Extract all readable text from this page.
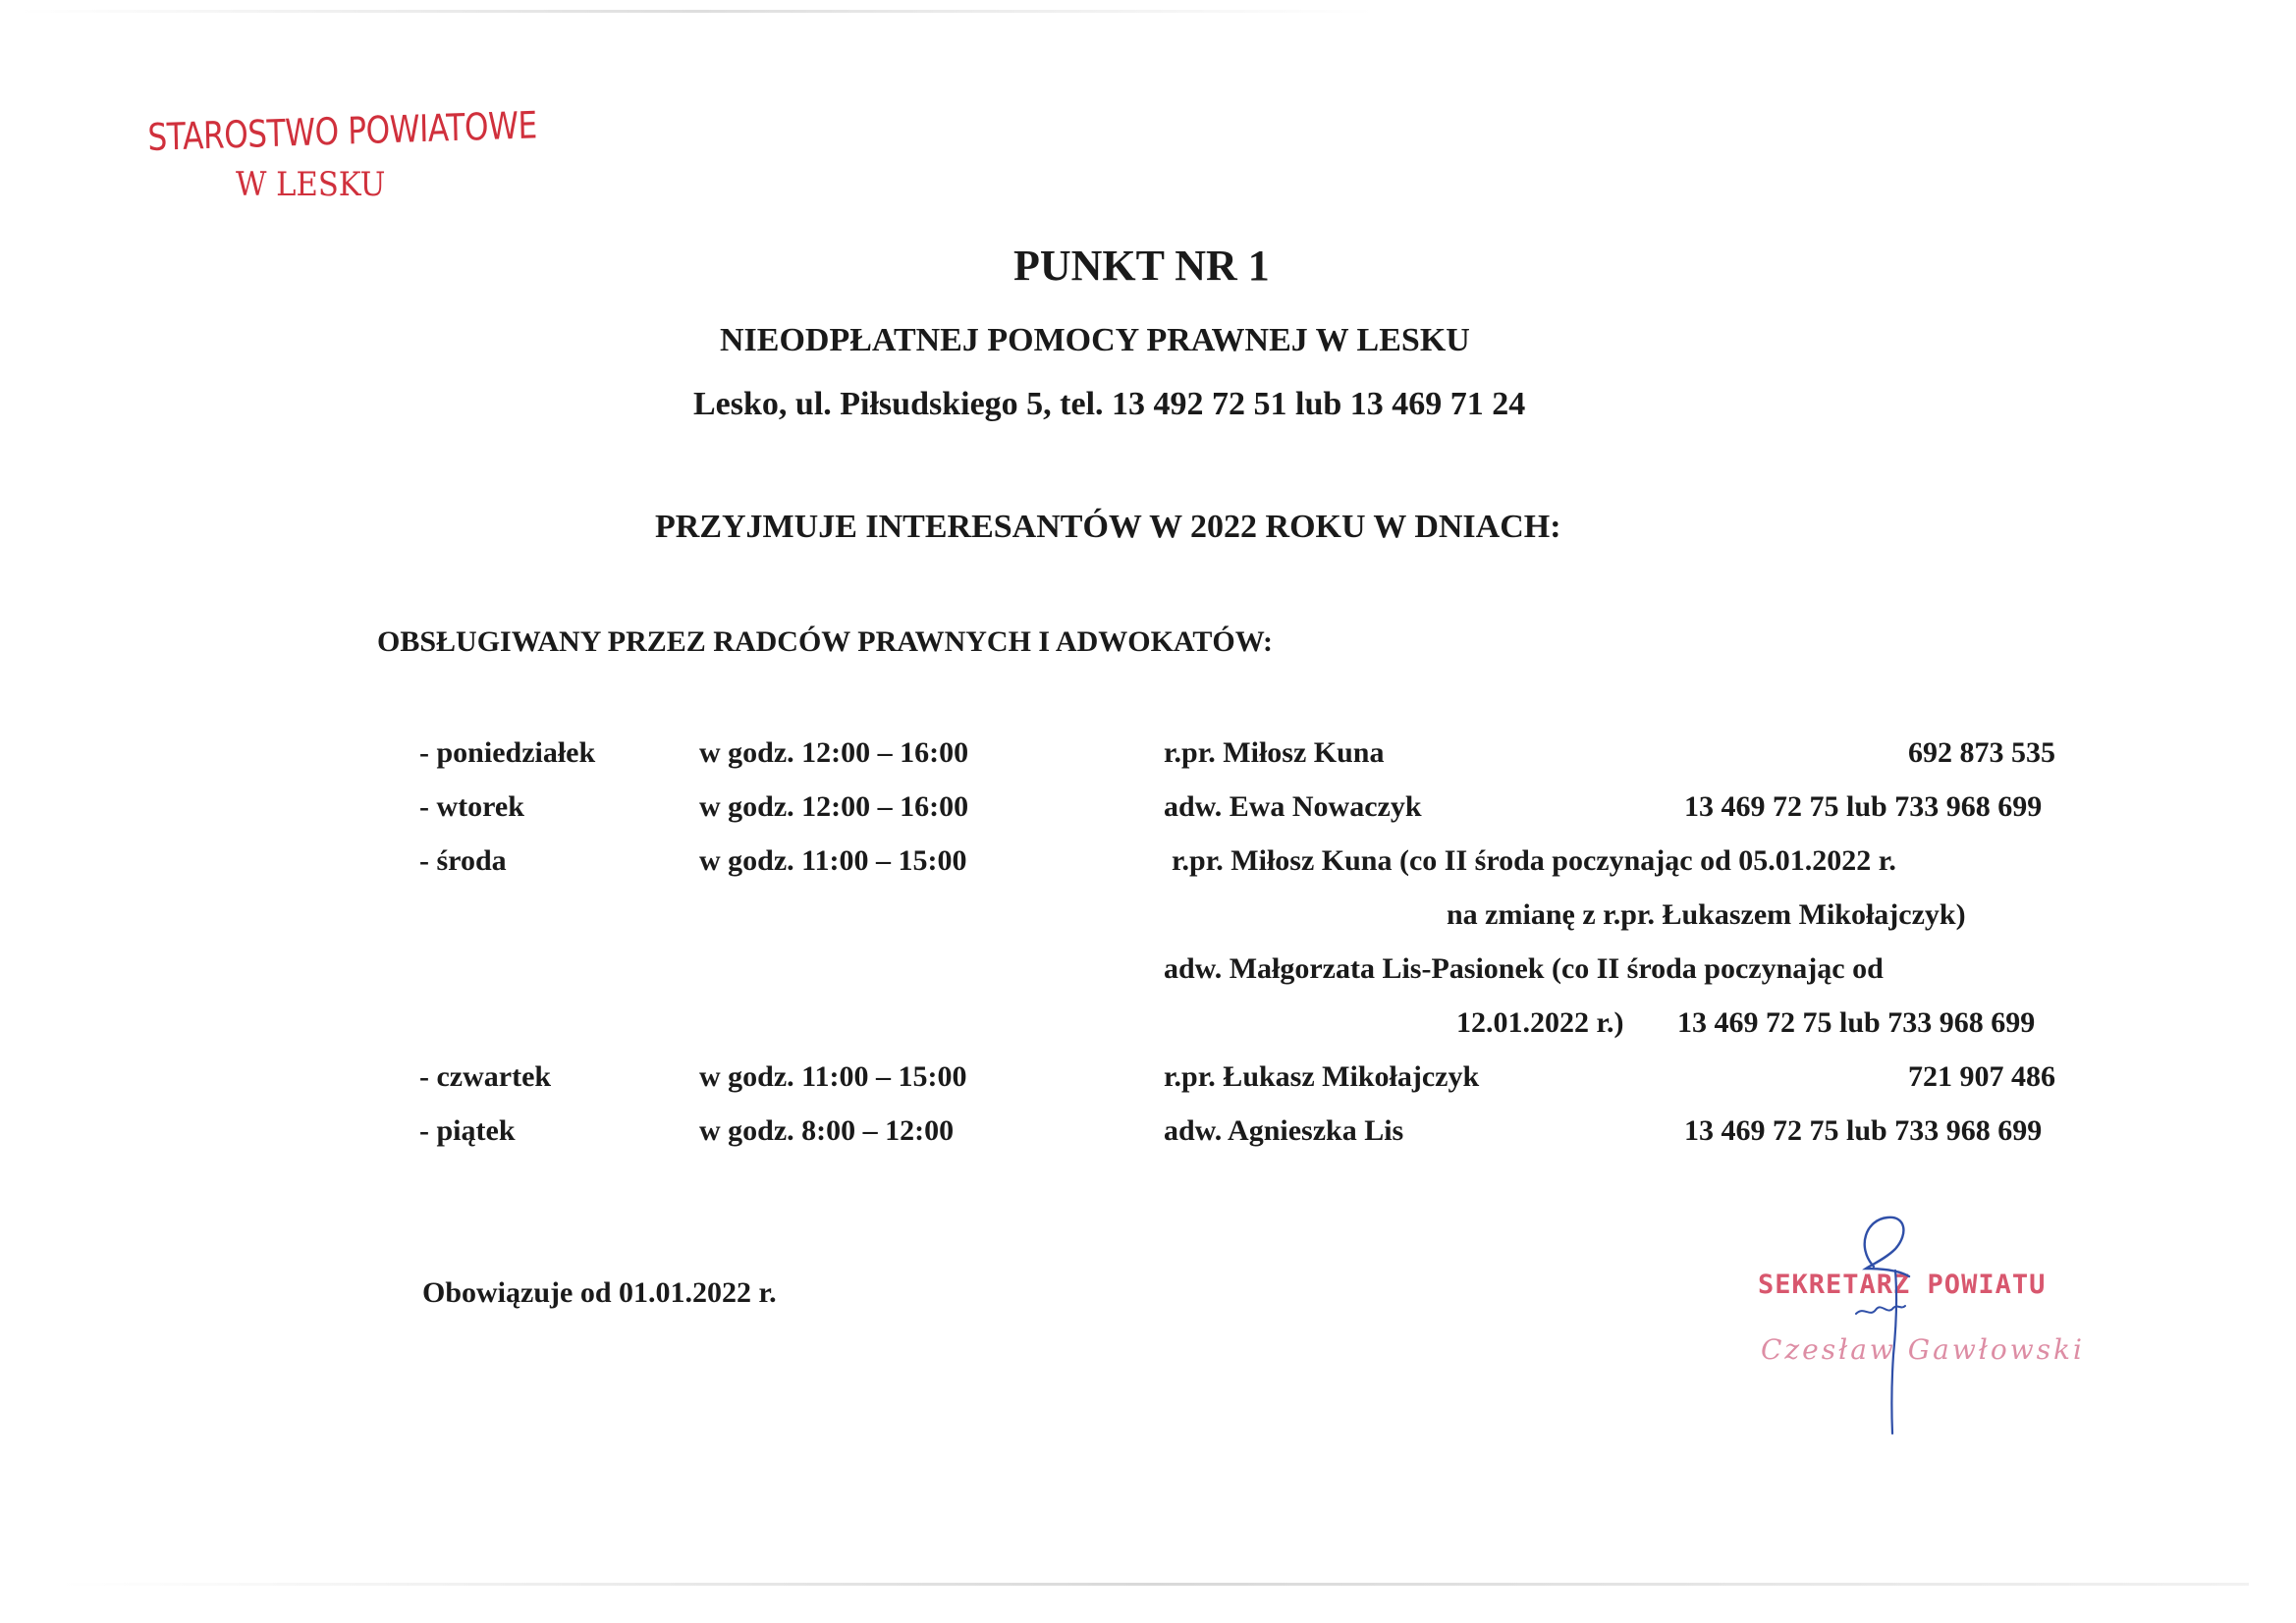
STAROSTWO POWIATOWE
W LESKU
PUNKT NR 1
NIEODPŁATNEJ POMOCY PRAWNEJ W LESKU
Lesko, ul. Piłsudskiego 5, tel. 13 492 72 51 lub 13 469 71 24
PRZYJMUJE INTERESANTÓW W 2022 ROKU W DNIACH:
OBSŁUGIWANY PRZEZ RADCÓW PRAWNYCH I ADWOKATÓW:
- poniedziałek	w godz. 12:00 – 16:00	r.pr. Miłosz Kuna	692 873 535
- wtorek	w godz. 12:00 – 16:00	adw. Ewa Nowaczyk	13 469 72 75 lub 733 968 699
- środa	w godz. 11:00 – 15:00	r.pr. Miłosz Kuna (co II środa poczynając od 05.01.2022 r.
na zmianę z r.pr. Łukaszem Mikołajczyk)
adw. Małgorzata Lis-Pasionek (co II środa poczynając od
12.01.2022 r.) 13 469 72 75 lub 733 968 699
- czwartek	w godz. 11:00 – 15:00	r.pr. Łukasz Mikołajczyk	721 907 486
- piątek	w godz. 8:00 – 12:00	adw. Agnieszka Lis	13 469 72 75 lub 733 968 699
Obowiązuje od 01.01.2022 r.	SEKRETARZ POWIATU
Czesław Gawłowski
